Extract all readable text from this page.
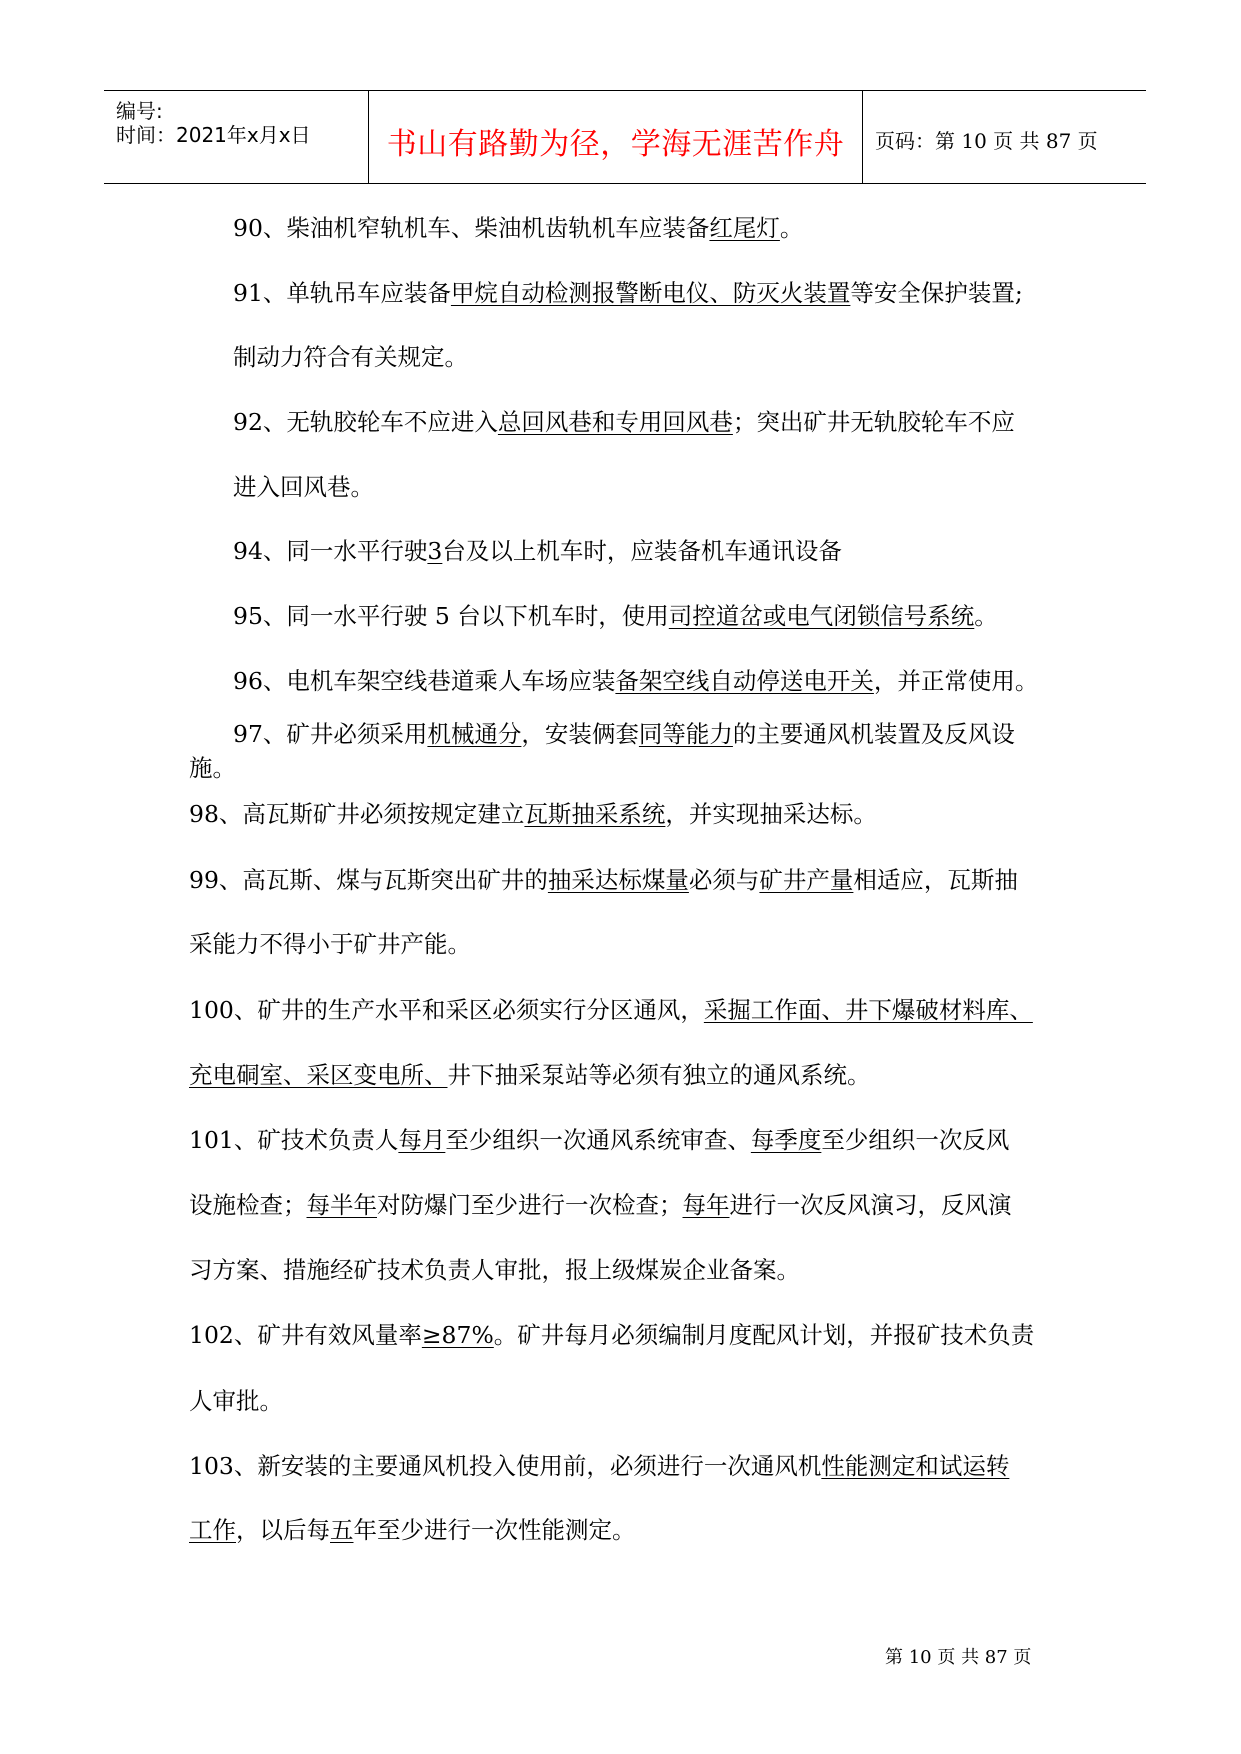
编号:
时间：2021年x月x日	书山有路勤为径，学海无涯苦作舟	页码：第 10 页 共 87 页
90、柴油机窄轨机车、柴油机齿轨机车应装备红尾灯。
91、单轨吊车应装备甲烷自动检测报警断电仪、防灭火装置等安全保护装置;
制动力符合有关规定。
92、无轨胶轮车不应进入总回风巷和专用回风巷；突出矿井无轨胶轮车不应
进入回风巷。
94、同一水平行驶3台及以上机车时，应装备机车通讯设备
95、同一水平行驶 5 台以下机车时，使用司控道岔或电气闭锁信号系统。
96、电机车架空线巷道乘人车场应装备架空线自动停送电开关，并正常使用。
97、矿井必须采用机械通分，安装俩套同等能力的主要通风机装置及反风设
施。
98、高瓦斯矿井必须按规定建立瓦斯抽采系统，并实现抽采达标。
99、高瓦斯、煤与瓦斯突出矿井的抽采达标煤量必须与矿井产量相适应，瓦斯抽
采能力不得小于矿井产能。
100、矿井的生产水平和采区必须实行分区通风，采掘工作面、井下爆破材料库、
充电硐室、采区变电所、井下抽采泵站等必须有独立的通风系统。
101、矿技术负责人每月至少组织一次通风系统审查、每季度至少组织一次反风
设施检查；每半年对防爆门至少进行一次检查；每年进行一次反风演习，反风演
习方案、措施经矿技术负责人审批，报上级煤炭企业备案。
102、矿井有效风量率≥87%。矿井每月必须编制月度配风计划，并报矿技术负责
人审批。
103、新安装的主要通风机投入使用前，必须进行一次通风机性能测定和试运转
工作，以后每五年至少进行一次性能测定。
第 10 页 共 87 页
